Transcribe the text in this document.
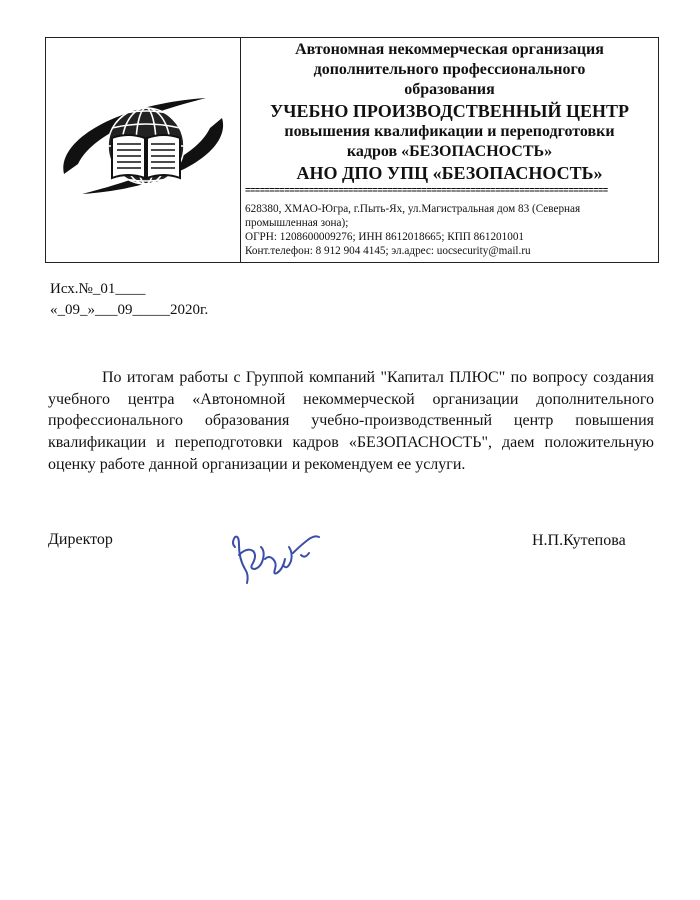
Автономная некоммерческая организация
дополнительного профессионального
образования
УЧЕБНО ПРОИЗВОДСТВЕННЫЙ ЦЕНТР
повышения квалификации и переподготовки
кадров «БЕЗОПАСНОСТЬ»
АНО ДПО УПЦ «БЕЗОПАСНОСТЬ»
==========================================================================
628380, ХМАО-Югра, г.Пыть-Ях, ул.Магистральная дом 83 (Северная
промышленная зона);
ОГРН: 1208600009276; ИНН 8612018665; КПП 861201001
Конт.телефон: 8 912 904 4145; эл.адрес: uocsecurity@mail.ru
Исх.№_01____
«_09_»___09_____2020г.
По итогам работы с Группой компаний "Капитал ПЛЮС" по вопросу создания учебного центра «Автономной некоммерческой организации дополнительного профессионального образования учебно-производственный центр повышения квалификации и переподготовки кадров «БЕЗОПАСНОСТЬ", даем положительную оценку работе данной организации и рекомендуем ее услуги.
Директор	Н.П.Кутепова
